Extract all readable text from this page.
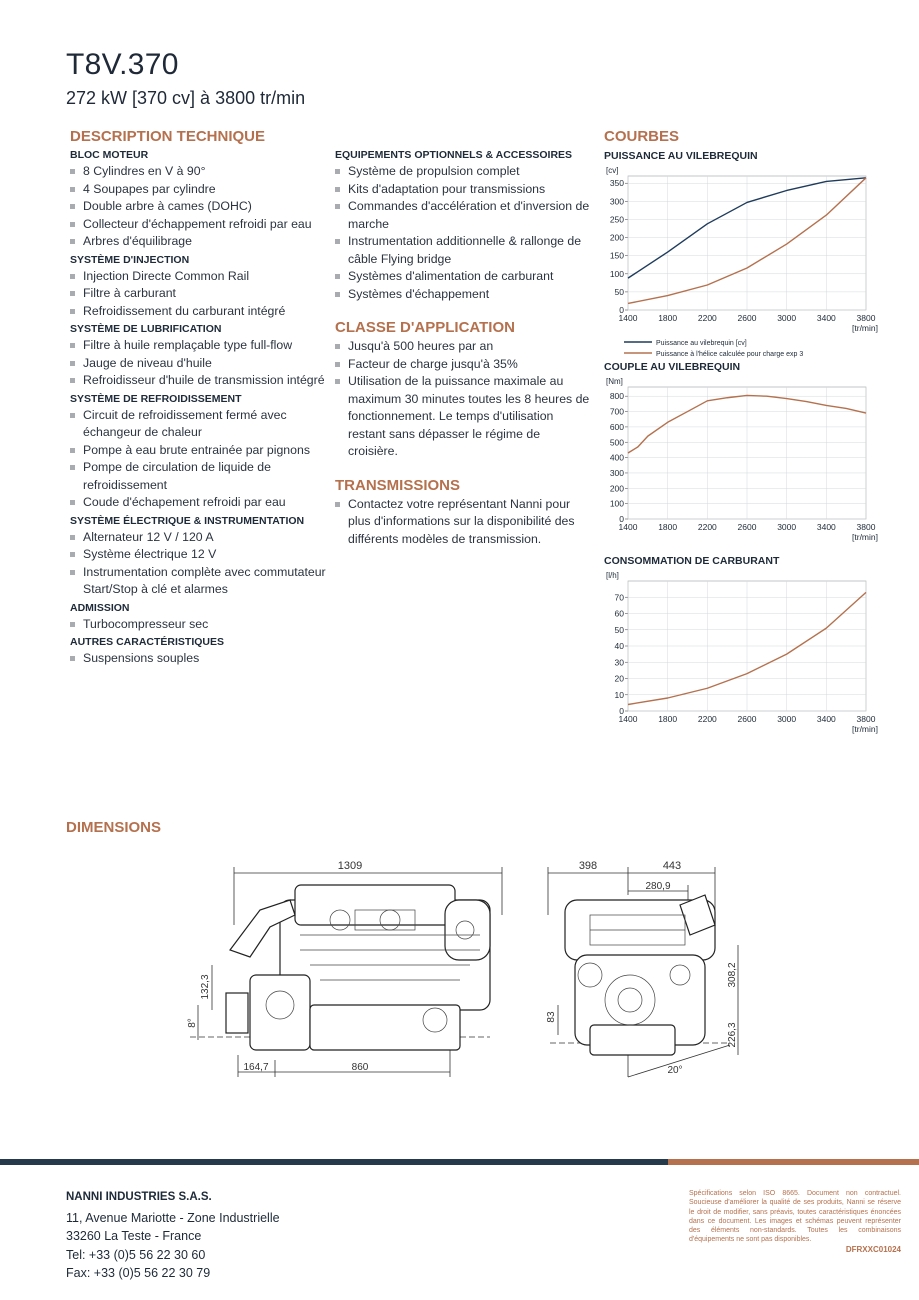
T8V.370
272 kW [370 cv] à 3800 tr/min
DESCRIPTION TECHNIQUE
BLOC MOTEUR
8 Cylindres en V à 90°
4 Soupapes par cylindre
Double arbre à cames (DOHC)
Collecteur d'échappement refroidi par eau
Arbres d'équilibrage
SYSTÈME D'INJECTION
Injection Directe Common Rail
Filtre à carburant
Refroidissement du carburant intégré
SYSTÈME DE LUBRIFICATION
Filtre à huile remplaçable type full-flow
Jauge de niveau d'huile
Refroidisseur d'huile de transmission intégré
SYSTÈME DE REFROIDISSEMENT
Circuit de refroidissement fermé avec échangeur de chaleur
Pompe à eau brute entrainée par pignons
Pompe de circulation de liquide de refroidissement
Coude d'échapement refroidi par eau
SYSTÈME ÉLECTRIQUE & INSTRUMENTATION
Alternateur 12 V / 120 A
Système électrique 12 V
Instrumentation complète avec commutateur Start/Stop à clé et alarmes
ADMISSION
Turbocompresseur sec
AUTRES CARACTÉRISTIQUES
Suspensions souples
EQUIPEMENTS OPTIONNELS & ACCESSOIRES
Système de propulsion complet
Kits d'adaptation pour transmissions
Commandes d'accélération et d'inversion de marche
Instrumentation additionnelle & rallonge de câble Flying bridge
Systèmes d'alimentation de carburant
Systèmes d'échappement
CLASSE D'APPLICATION
Jusqu'à 500 heures par an
Facteur de charge jusqu'à 35%
Utilisation de la puissance maximale au maximum 30 minutes toutes les 8 heures de fonctionnement. Le temps d'utilisation restant sans dépasser le régime de croisière.
TRANSMISSIONS
Contactez votre représentant Nanni pour plus d'informations sur la disponibilité des différents modèles de transmission.
COURBES
PUISSANCE AU VILEBREQUIN
[cv]
0
50
100
150
200
250
300
350
1400 1800 2200 2600 3000 3400 3800
[tr/min]
Puissance au vilebrequin [cv]
Puissance à l'hélice calculée pour charge exp 3
COUPLE AU VILEBREQUIN
[Nm]
0
100
200
300
400
500
600
700
800
1400 1800 2200 2600 3000 3400 3800
[tr/min]
CONSOMMATION DE CARBURANT
[l/h]
0
10
20
30
40
50
60
70
1400 1800 2200 2600 3000 3400 3800
[tr/min]
DIMENSIONS
1309
164,7	860
132,3
8°
398	443
280,9
308,2
226,3
83
20°
NANNI INDUSTRIES S.A.S.
11, Avenue Mariotte - Zone Industrielle
33260 La Teste - France
Tel: +33 (0)5 56 22 30 60
Fax: +33 (0)5 56 22 30 79
Spécifications selon ISO 8665. Document non contractuel. Soucieuse d'améliorer la qualité de ses produits, Nanni se réserve le droit de modifier, sans préavis, toutes caractéristiques énoncées dans ce document. Les images et schémas peuvent représenter des éléments non-standards. Toutes les combinaisons d'équipements ne sont pas disponibles.
DFRXXC01024
